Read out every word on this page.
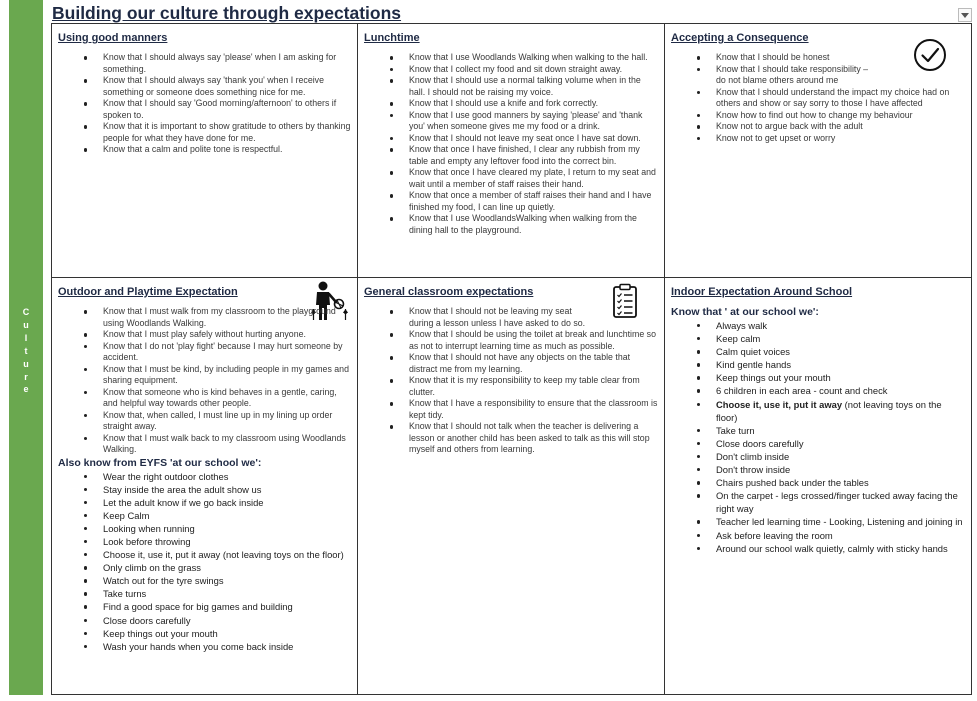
C
u
l
t
u
r
e
Building our culture through expectations
Using good manners
Know that I should always say 'please' when I am asking for something.
Know that I should always say 'thank you' when I receive something or someone does something nice for me.
Know that I should say 'Good morning/afternoon' to others if spoken to.
Know that it is important to show gratitude to others by thanking people for what they have done for me.
Know that a calm and polite tone is respectful.
Lunchtime
Know that I use Woodlands Walking when walking to the hall.
Know that I collect my food and sit down straight away.
Know that I should use a normal talking volume when in the hall. I should not be raising my voice.
Know that I should use a knife and fork correctly.
Know that I use good manners by saying 'please' and 'thank you' when someone gives me my food or a drink.
Know that I should not leave my seat once I have sat down.
Know that once I have finished, I clear any rubbish from my table and empty any leftover food into the correct bin.
Know that once I have cleared my plate, I return to my seat and wait until a member of staff raises their hand.
Know that once a member of staff raises their hand and I have finished my food, I can line up quietly.
Know that I use WoodlandsWalking when walking from the dining hall to the playground.
Accepting a Consequence
Know that I should be honest
Know that I should take responsibility –
do not blame others around me
Know that I should understand the impact my choice had on others and show or say sorry to those I have affected
Know how to find out how to change my behaviour
Know not to argue back with the adult
Know not to get upset or worry
Outdoor and Playtime Expectation
Know that I must walk from my classroom to the playground using Woodlands Walking.
Know that I must play safely without hurting anyone.
Know that I do not 'play fight' because I may hurt someone by accident.
Know that I must be kind, by including people in my games and sharing equipment.
Know that someone who is kind behaves in a gentle, caring, and helpful way towards other people.
Know that, when called, I must line up in my lining up order straight away.
Know that I must walk back to my classroom using Woodlands Walking.
Also know from EYFS 'at our school we':
Wear the right outdoor clothes
Stay inside the area the adult show us
Let the adult know if we go back inside
Keep Calm
Looking when running
Look before throwing
Choose it, use it, put it away (not leaving toys on the floor)
Only climb on the grass
Watch out for the tyre swings
Take turns
Find a good space for big games and building
Close doors carefully
Keep things out your mouth
Wash your hands when you come back inside
General classroom expectations
Know that I should not be leaving my seat during a lesson unless I have asked to do so.
Know that I should be using the toilet at break and lunchtime so as not to interrupt learning time as much as possible.
Know that I should not have any objects on the table that distract me from my learning.
Know that it is my responsibility to keep my table clear from clutter.
Know that I have a responsibility to ensure that the classroom is kept tidy.
Know that I should not talk when the teacher is delivering a lesson or another child has been asked to talk as this will stop myself and others from learning.
Indoor Expectation Around School
Know that ' at our school we':
Always walk
Keep calm
Calm quiet voices
Kind gentle hands
Keep things out your mouth
6 children in each area - count and check
Choose it, use it, put it away (not leaving toys on the floor)
Take turn
Close doors carefully
Don't climb inside
Don't throw inside
Chairs pushed back under the tables
On the carpet - legs crossed/finger tucked away facing the right way
Teacher led learning time - Looking, Listening and joining in
Ask before leaving the room
Around our school walk quietly, calmly with sticky hands
